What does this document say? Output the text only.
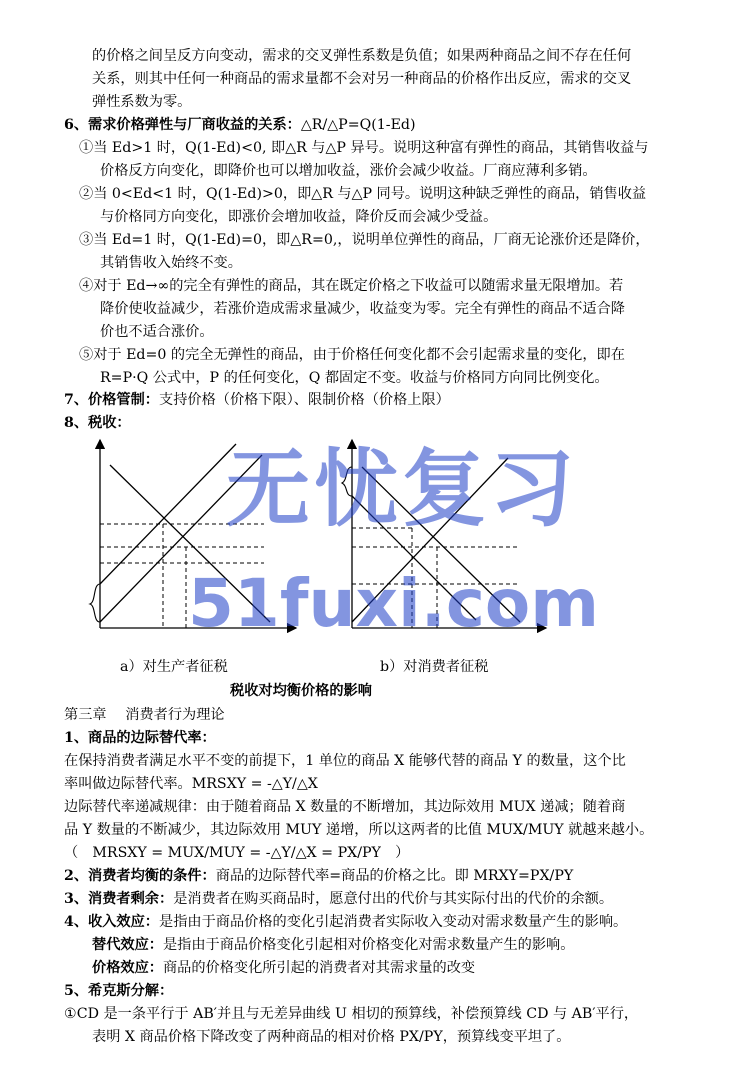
的价格之间呈反方向变动，需求的交叉弹性系数是负值；如果两种商品之间不存在任何
关系，则其中任何一种商品的需求量都不会对另一种商品的价格作出反应，需求的交叉
弹性系数为零。
6、需求价格弹性与厂商收益的关系：△R/△P=Q(1-Ed)
①当 Ed>1 时，Q(1-Ed)<0, 即△R 与△P 异号。说明这种富有弹性的商品，其销售收益与
价格反方向变化，即降价也可以增加收益，涨价会减少收益。厂商应薄利多销。
②当 0<Ed<1 时，Q(1-Ed)>0，即△R 与△P 同号。说明这种缺乏弹性的商品，销售收益
与价格同方向变化，即涨价会增加收益，降价反而会减少受益。
③当 Ed=1 时，Q(1-Ed)=0，即△R=0,，说明单位弹性的商品，厂商无论涨价还是降价，
其销售收入始终不变。
④对于 Ed→∞的完全有弹性的商品，其在既定价格之下收益可以随需求量无限增加。若
降价使收益减少，若涨价造成需求量减少，收益变为零。完全有弹性的商品不适合降
价也不适合涨价。
⑤对于 Ed=0 的完全无弹性的商品，由于价格任何变化都不会引起需求量的变化，即在
R=P·Q 公式中，P 的任何变化，Q 都固定不变。收益与价格同方向同比例变化。
7、价格管制：支持价格（价格下限）、限制价格（价格上限）
8、税收：
a）对生产者征税	b）对消费者征税
税收对均衡价格的影响
第三章　 消费者行为理论
1、商品的边际替代率：
在保持消费者满足水平不变的前提下，1 单位的商品 X 能够代替的商品 Y 的数量，这个比
率叫做边际替代率。MRSXY = -△Y/△X
边际替代率递减规律：由于随着商品 X 数量的不断增加，其边际效用 MUX 递减；随着商
品 Y 数量的不断减少，其边际效用 MUY 递增，所以这两者的比值 MUX/MUY 就越来越小。
（　MRSXY = MUX/MUY = -△Y/△X = PX/PY　）
2、消费者均衡的条件：商品的边际替代率=商品的价格之比。即 MRXY=PX/PY
3、消费者剩余：是消费者在购买商品时，愿意付出的代价与其实际付出的代价的余额。
4、收入效应：是指由于商品价格的变化引起消费者实际收入变动对需求数量产生的影响。
替代效应：是指由于商品价格变化引起相对价格变化对需求数量产生的影响。
价格效应：商品的价格变化所引起的消费者对其需求量的改变
5、希克斯分解：
①CD 是一条平行于 AB′并且与无差异曲线 U 相切的预算线，补偿预算线 CD 与 AB′平行，
表明 X 商品价格下降改变了两种商品的相对价格 PX/PY，预算线变平坦了。
无忧复习
51fuxi.com
